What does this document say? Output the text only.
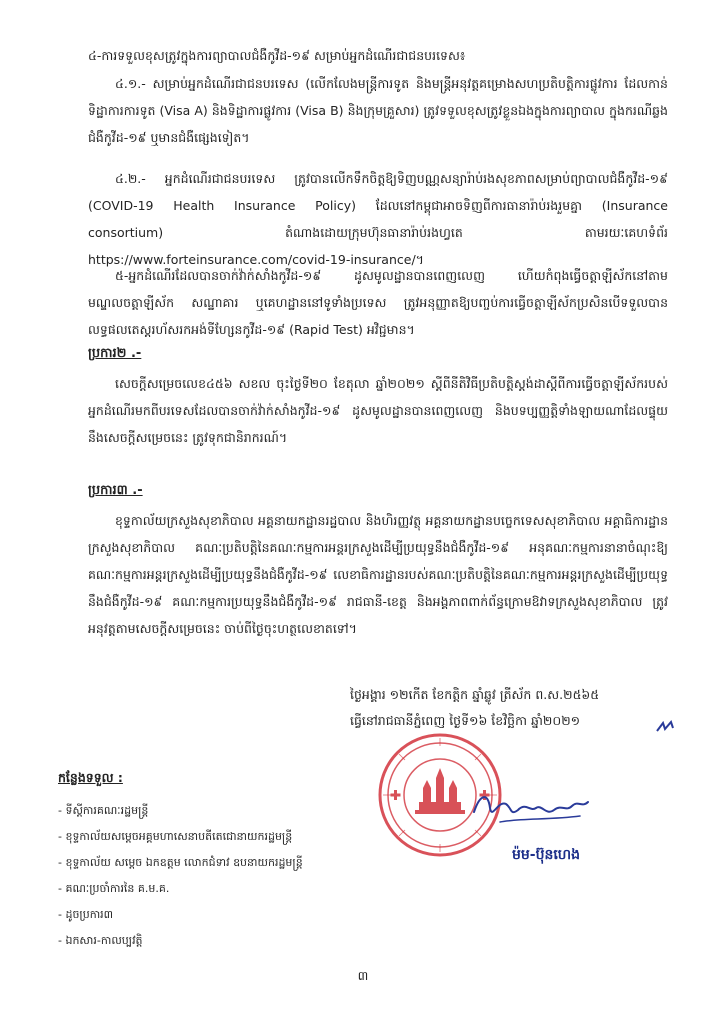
៤-ការទទួលខុសត្រូវក្នុងការព្យាបាលជំងឺកូវីដ-១៩ សម្រាប់អ្នកដំណើរជាជនបរទេស៖

៤.១.- សម្រាប់អ្នកដំណើរជាជនបរទេស (លើកលែងមន្ត្រីការទូត និងមន្ត្រីអនុវត្តគម្រោងសហប្រតិបត្តិការផ្លូវការ ដែលកាន់ទិដ្ឋាការការទូត (Visa A) និងទិដ្ឋាការផ្លូវការ (Visa B) និងក្រុមគ្រួសារ) ត្រូវទទួលខុសត្រូវខ្លួនឯងក្នុងការព្យាបាល ក្នុងករណីឆ្លងជំងឺកូវីដ-១៩ ឬមានជំងឺផ្សេងទៀត។

៤.២.- អ្នកដំណើរជាជនបរទេស ត្រូវបានលើកទឹកចិត្តឱ្យទិញបណ្ណសន្យារ៉ាប់រងសុខភាពសម្រាប់ព្យាបាលជំងឺកូវីដ-១៩ (COVID-19 Health Insurance Policy) ដែលនៅកម្ពុជាអាចទិញពីការធានារ៉ាប់រងរួមគ្នា (Insurance consortium) តំណាងដោយក្រុមហ៊ុនធានារ៉ាប់រងហ្វតេ តាមរយៈគេហទំព័រ https://www.forteinsurance.com/covid-19-insurance/។

៥-អ្នកដំណើរដែលបានចាក់វ៉ាក់សាំងកូវីដ-១៩ ដូសមូលដ្ឋានបានពេញលេញ ហើយកំពុងធ្វើចត្តាឡីស័កនៅតាមមណ្ឌលចត្តាឡីស័ក សណ្ឋាគារ ឬគេហដ្ឋាននៅទូទាំងប្រទេស ត្រូវអនុញ្ញាតឱ្យបញ្ចប់ការធ្វើចត្តាឡីស័កប្រសិនបើទទួលបានលទ្ធផលតេស្តរហ័សរកអង់ទីហ្សែនកូវីដ-១៩ (Rapid Test) អវិជ្ជមាន។

ប្រការ២ .-

សេចក្តីសម្រេចលេខ៤៥៦ សខល ចុះថ្ងៃទី២០ ខែតុលា ឆ្នាំ២០២១ ស្តីពីនីតិវិធីប្រតិបត្តិស្តង់ដាស្តីពីការធ្វើចត្តាឡីស័ករបស់អ្នកដំណើរមកពីបរទេសដែលបានចាក់វ៉ាក់សាំងកូវីដ-១៩ ដូសមូលដ្ឋានបានពេញលេញ និងបទប្បញ្ញត្តិទាំងឡាយណាដែលផ្ទុយនឹងសេចក្តីសម្រេចនេះ ត្រូវទុកជានិរាករណ៍។

ប្រការ៣ .-

ខុទ្ទកាល័យក្រសួងសុខាភិបាល អគ្គនាយកដ្ឋានរដ្ឋបាល និងហិរញ្ញវត្ថុ អគ្គនាយកដ្ឋានបច្ចេកទេសសុខាភិបាល អគ្គាធិការដ្ឋានក្រសួងសុខាភិបាល គណៈប្រតិបត្តិនៃគណៈកម្មការអន្តរក្រសួងដើម្បីប្រយុទ្ធនឹងជំងឺកូវីដ-១៩ អនុគណៈកម្មការនានាចំណុះឱ្យគណៈកម្មការអន្តរក្រសួងដើម្បីប្រយុទ្ធនឹងជំងឺកូវីដ-១៩ លេខាធិការដ្ឋានរបស់គណៈប្រតិបត្តិនៃគណៈកម្មការអន្តរក្រសួងដើម្បីប្រយុទ្ធនឹងជំងឺកូវីដ-១៩ គណៈកម្មការប្រយុទ្ធនឹងជំងឺកូវីដ-១៩ រាជធានី-ខេត្ត និងអង្គភាពពាក់ព័ន្ធក្រោមឱវាទក្រសួងសុខាភិបាល ត្រូវអនុវត្តតាមសេចក្តីសម្រេចនេះ ចាប់ពីថ្ងៃចុះហត្ថលេខាតទៅ។

ថ្ងៃអង្គារ ១២កើត ខែកត្តិក ឆ្នាំឆ្លូវ ត្រីស័ក ព.ស.២៥៦៥

ធ្វើនៅរាជធានីភ្នំពេញ ថ្ងៃទី១៦ ខែវិច្ឆិកា ឆ្នាំ២០២១

ម៉ម-ប៊ុនហេង

កន្លែងទទួល :

- ទីស្តីការគណៈរដ្ឋមន្ត្រី
- ខុទ្ទកាល័យសម្តេចអគ្គមហាសេនាបតីតេជោនាយករដ្ឋមន្ត្រី
- ខុទ្ទកាល័យ សម្តេច ឯកឧត្តម លោកជំទាវ ឧបនាយករដ្ឋមន្ត្រី
- គណៈប្រចាំការនៃ គ.ម.គ.
- ដូចប្រការ៣
- ឯកសារ-កាលប្បវត្តិ
៣
